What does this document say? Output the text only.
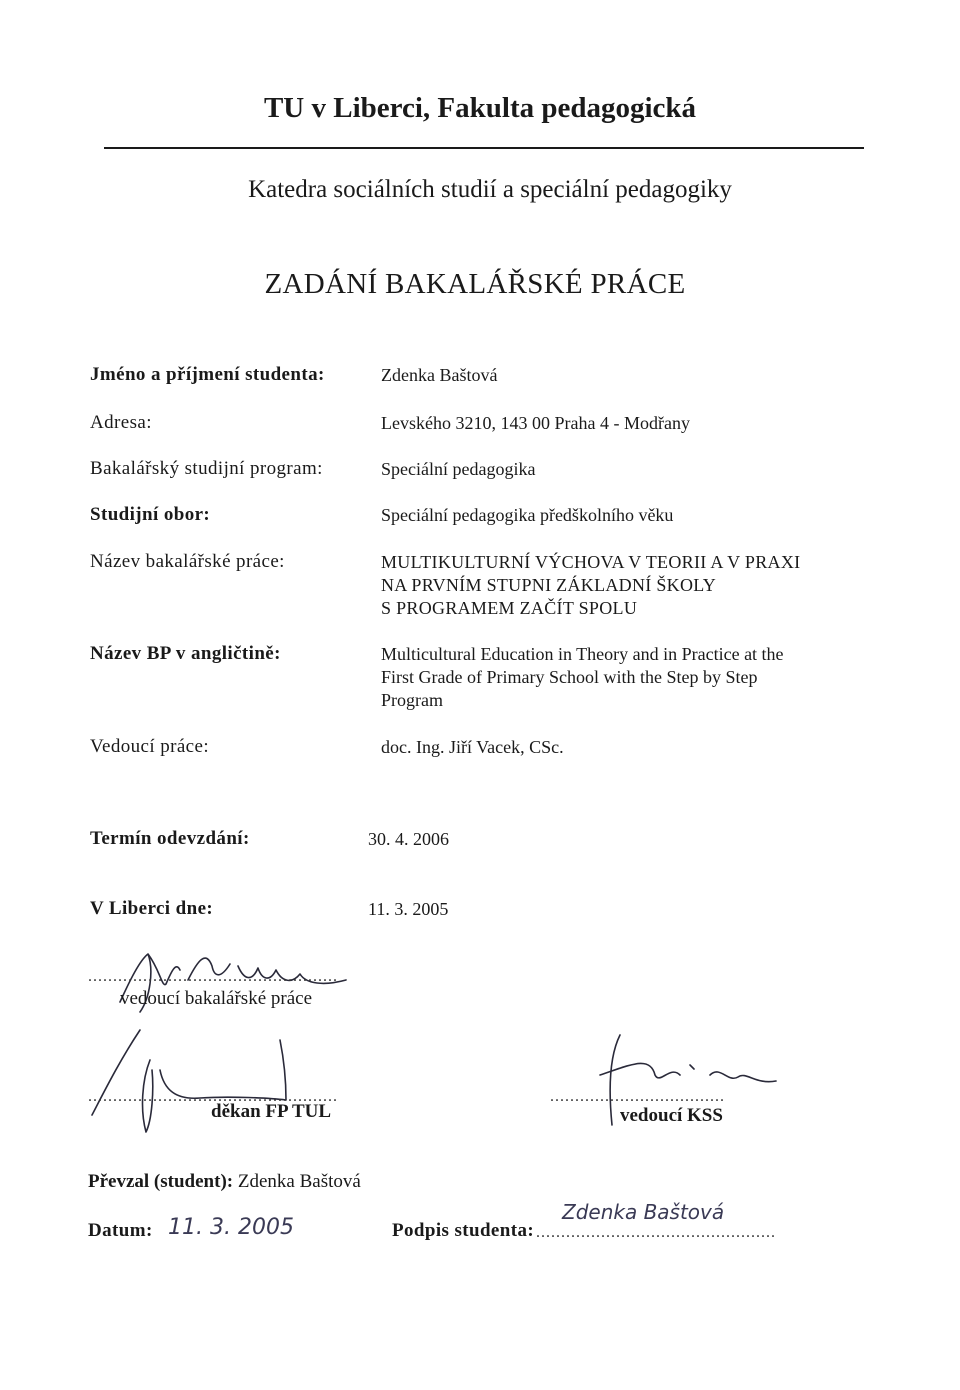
TU v Liberci, Fakulta pedagogická
Katedra sociálních studií a speciální pedagogiky
ZADÁNÍ BAKALÁŘSKÉ PRÁCE
Jméno a příjmení studenta:	Zdenka Baštová
Adresa:	Levského 3210, 143 00 Praha 4 - Modřany
Bakalářský studijní program:	Speciální pedagogika
Studijní obor:	Speciální pedagogika předškolního věku
Název bakalářské práce:	MULTIKULTURNÍ VÝCHOVA V TEORII A V PRAXI
NA PRVNÍM STUPNI ZÁKLADNÍ ŠKOLY
S PROGRAMEM ZAČÍT SPOLU
Název BP v angličtině:	Multicultural Education in Theory and in Practice at the
First Grade of Primary School with the Step by Step
Program
Vedoucí práce:	doc. Ing. Jiří Vacek, CSc.
Termín odevzdání:	30. 4. 2006
V Liberci dne:	11. 3. 2005
..................................................
vedoucí bakalářské práce
..................................................
děkan FP TUL
...................................
vedoucí KSS
Převzal (student): Zdenka Baštová
Datum: 11. 3. 2005	Podpis studenta: ................................................
Zdenka Baštová
